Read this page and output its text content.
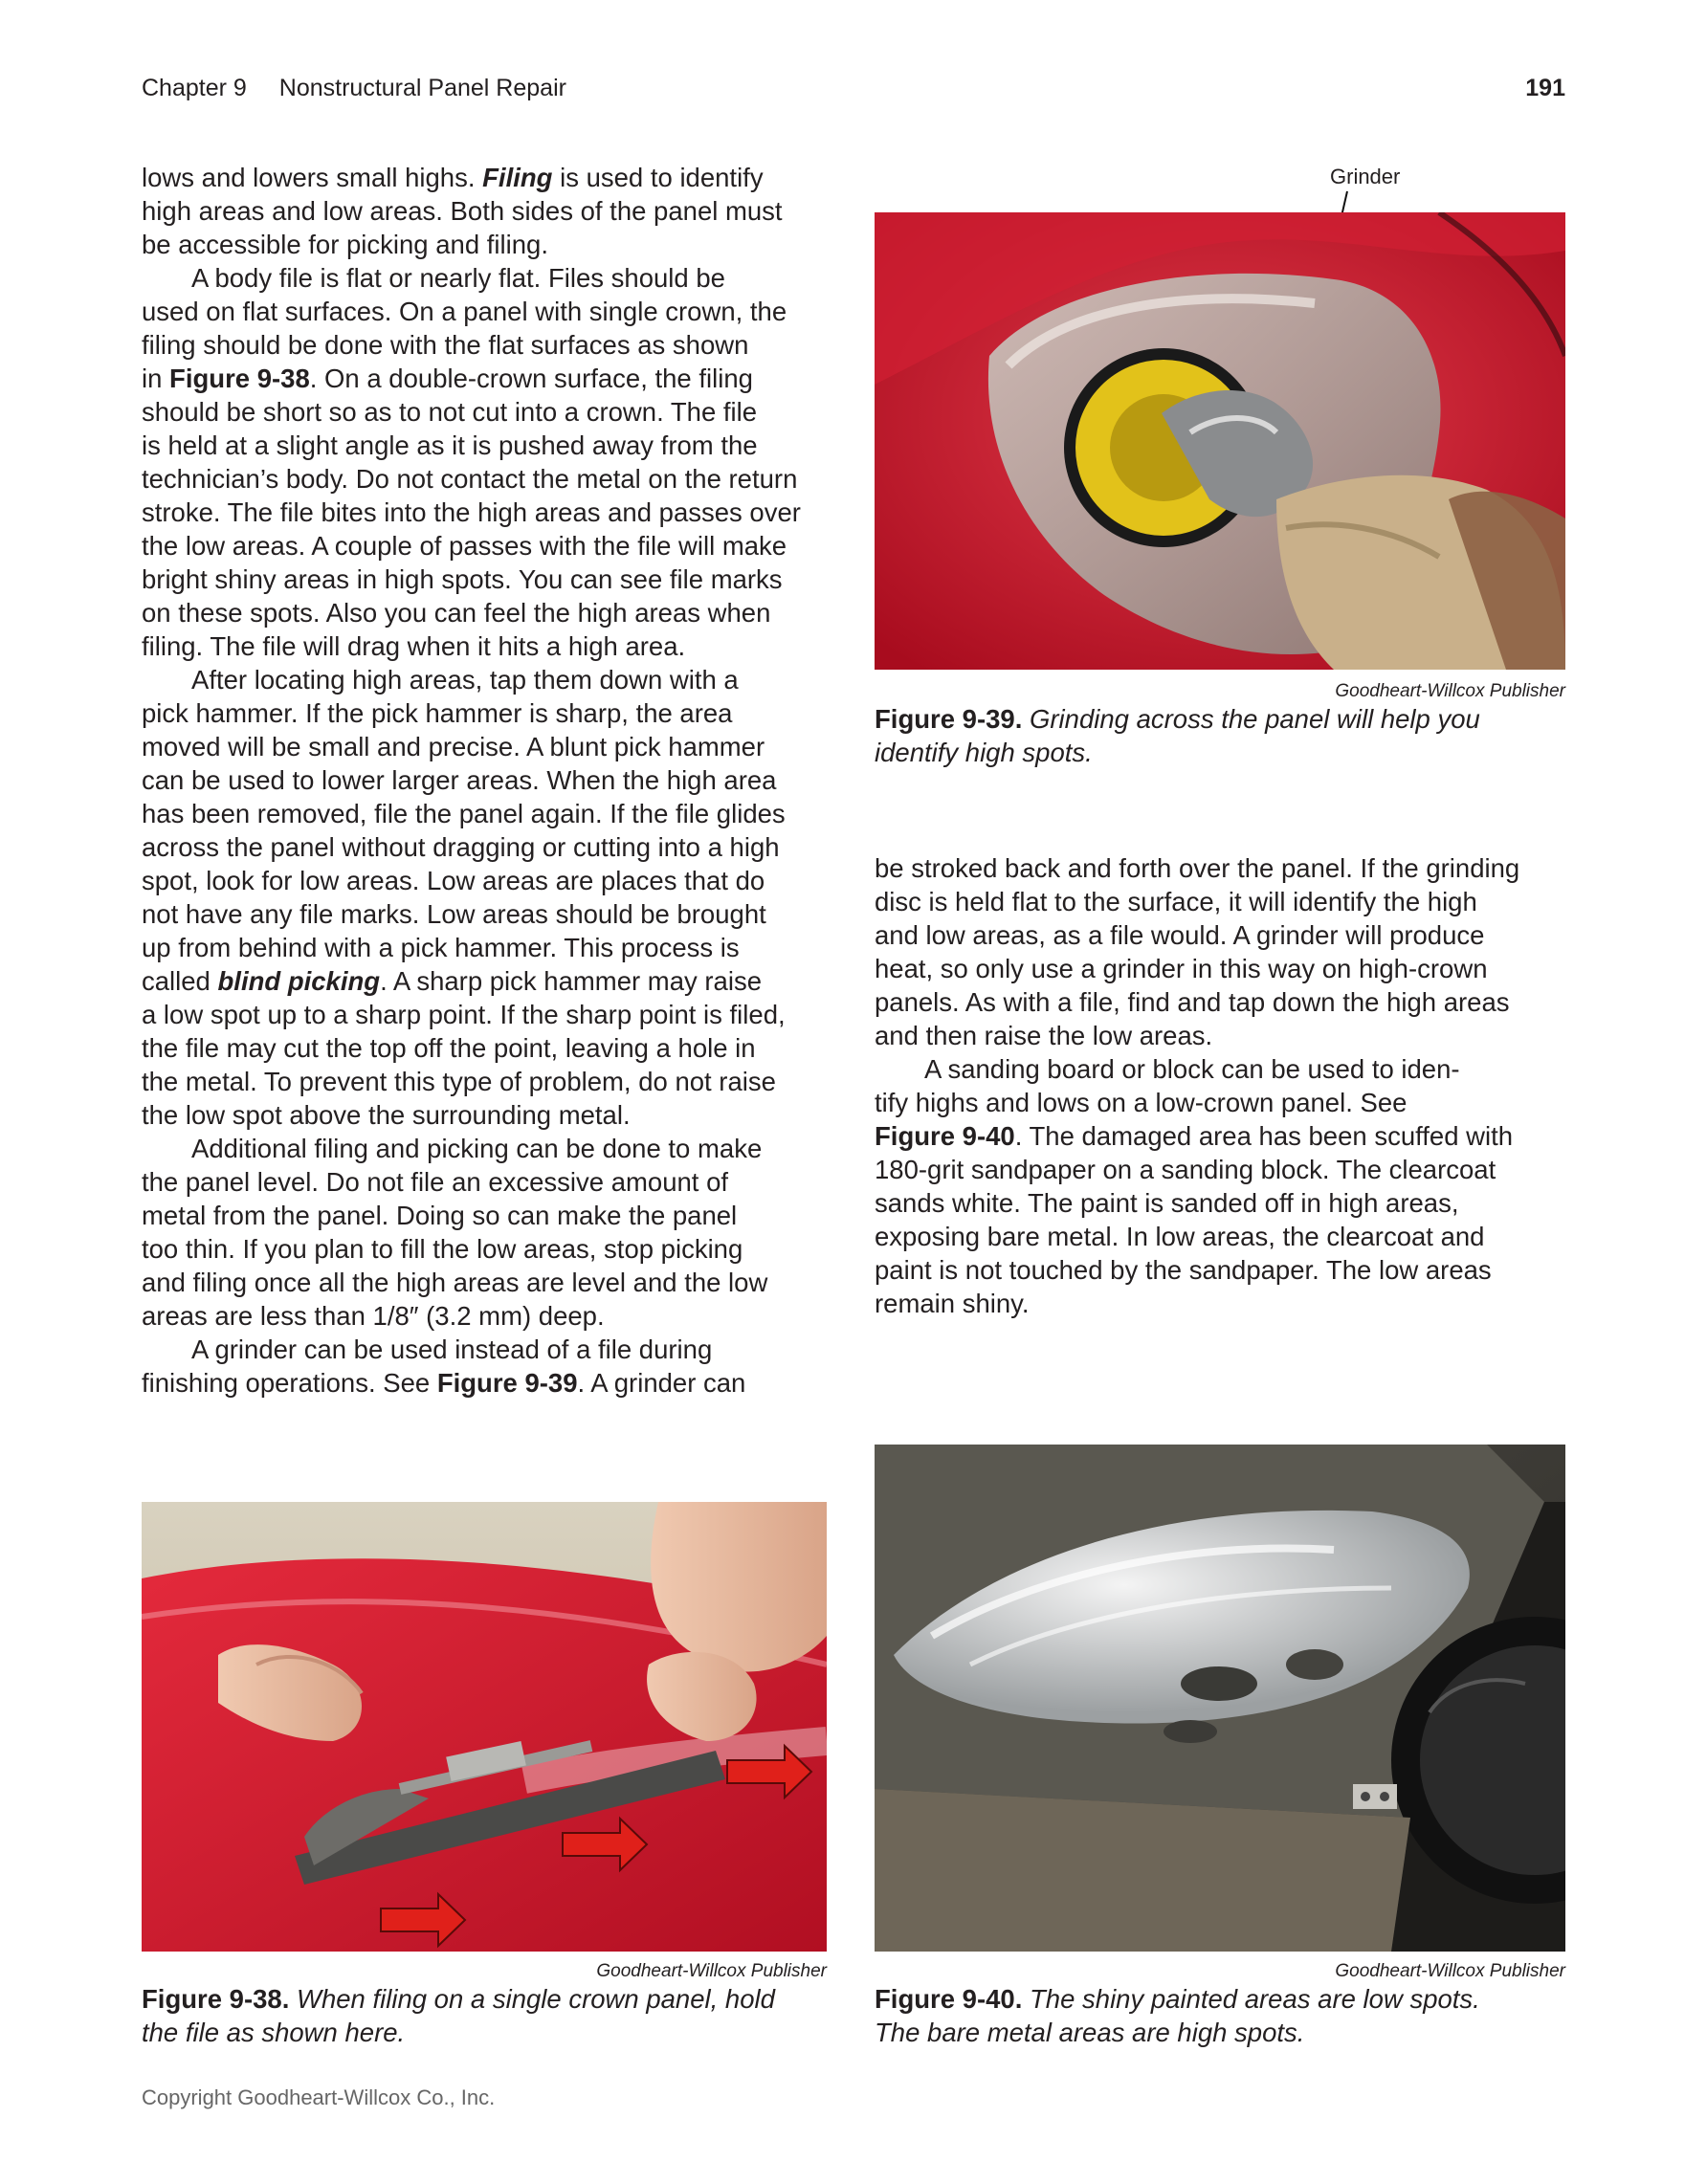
Chapter 9 Nonstructural Panel Repair	191
lows and lowers small highs. Filing is used to identify
high areas and low areas. Both sides of the panel must
be accessible for picking and filing.
A body file is flat or nearly flat. Files should be
used on flat surfaces. On a panel with single crown, the
filing should be done with the flat surfaces as shown
in Figure 9-38. On a double-crown surface, the filing
should be short so as to not cut into a crown. The file
is held at a slight angle as it is pushed away from the
technician’s body. Do not contact the metal on the return
stroke. The file bites into the high areas and passes over
the low areas. A couple of passes with the file will make
bright shiny areas in high spots. You can see file marks
on these spots. Also you can feel the high areas when
filing. The file will drag when it hits a high area.
After locating high areas, tap them down with a
pick hammer. If the pick hammer is sharp, the area
moved will be small and precise. A blunt pick hammer
can be used to lower larger areas. When the high area
has been removed, file the panel again. If the file glides
across the panel without dragging or cutting into a high
spot, look for low areas. Low areas are places that do
not have any file marks. Low areas should be brought
up from behind with a pick hammer. This process is
called blind picking. A sharp pick hammer may raise
a low spot up to a sharp point. If the sharp point is filed,
the file may cut the top off the point, leaving a hole in
the metal. To prevent this type of problem, do not raise
the low spot above the surrounding metal.
Additional filing and picking can be done to make
the panel level. Do not file an excessive amount of
metal from the panel. Doing so can make the panel
too thin. If you plan to fill the low areas, stop picking
and filing once all the high areas are level and the low
areas are less than 1/8″ (3.2 mm) deep.
A grinder can be used instead of a file during
finishing operations. See Figure 9-39. A grinder can
Grinder
Goodheart-Willcox Publisher
Figure 9-39. Grinding across the panel will help you
identify high spots.
be stroked back and forth over the panel. If the grinding
disc is held flat to the surface, it will identify the high
and low areas, as a file would. A grinder will produce
heat, so only use a grinder in this way on high-crown
panels. As with a file, find and tap down the high areas
and then raise the low areas.
A sanding board or block can be used to iden-
tify highs and lows on a low-crown panel. See
Figure 9-40. The damaged area has been scuffed with
180-grit sandpaper on a sanding block. The clearcoat
sands white. The paint is sanded off in high areas,
exposing bare metal. In low areas, the clearcoat and
paint is not touched by the sandpaper. The low areas
remain shiny.
Goodheart-Willcox Publisher
Figure 9-38. When filing on a single crown panel, hold
the file as shown here.
Goodheart-Willcox Publisher
Figure 9-40. The shiny painted areas are low spots.
The bare metal areas are high spots.
Copyright Goodheart-Willcox Co., Inc.
